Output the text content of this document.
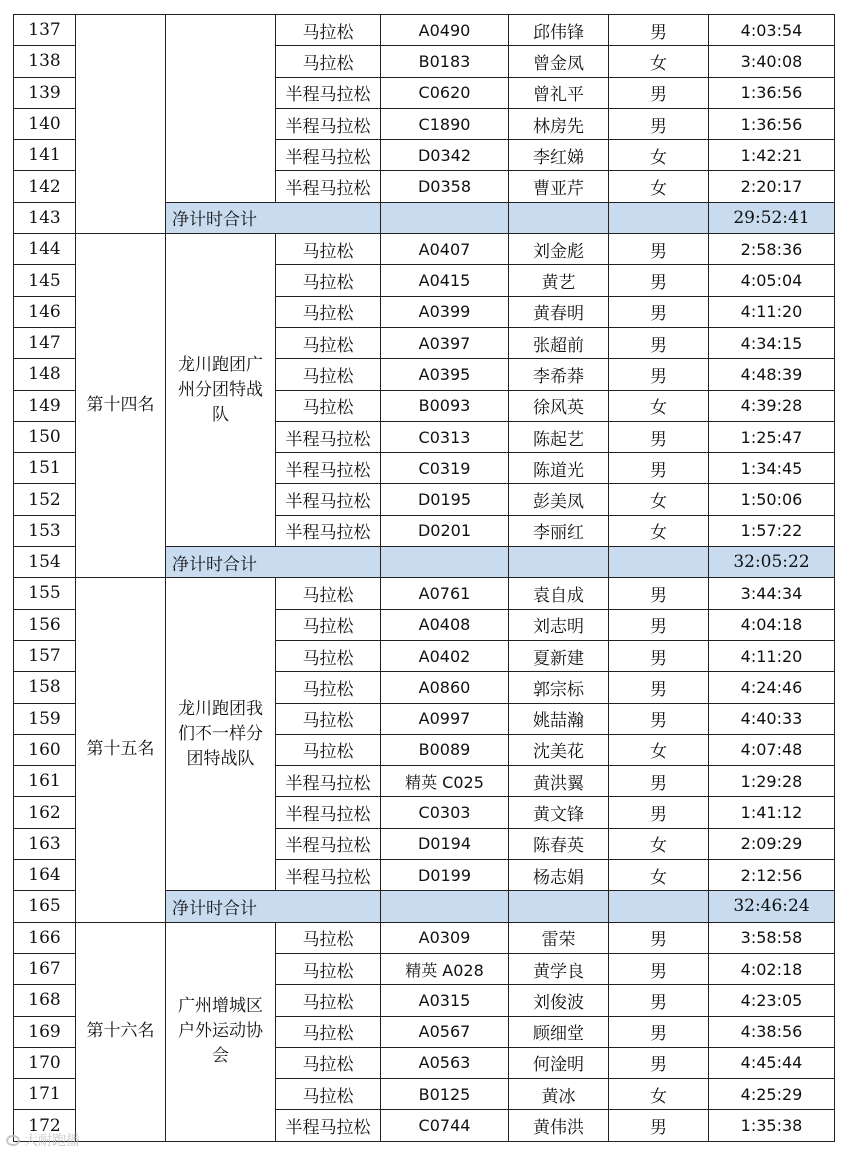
137			马拉松	A0490	邱伟锋	男	4:03:54
138			马拉松	B0183	曾金凤	女	3:40:08
139			半程马拉松	C0620	曾礼平	男	1:36:56
140			半程马拉松	C1890	林房先	男	1:36:56
141			半程马拉松	D0342	李红娣	女	1:42:21
142			半程马拉松	D0358	曹亚芹	女	2:20:17
143		净计时合计					29:52:41
144	第十四名	龙川跑团广州分团特战队	马拉松	A0407	刘金彪	男	2:58:36
145			马拉松	A0415	黄艺	男	4:05:04
146			马拉松	A0399	黄春明	男	4:11:20
147			马拉松	A0397	张超前	男	4:34:15
148			马拉松	A0395	李希莽	男	4:48:39
149			马拉松	B0093	徐风英	女	4:39:28
150			半程马拉松	C0313	陈起艺	男	1:25:47
151			半程马拉松	C0319	陈道光	男	1:34:45
152			半程马拉松	D0195	彭美凤	女	1:50:06
153			半程马拉松	D0201	李丽红	女	1:57:22
154		净计时合计					32:05:22
155	第十五名	龙川跑团我们不一样分团特战队	马拉松	A0761	袁自成	男	3:44:34
156			马拉松	A0408	刘志明	男	4:04:18
157			马拉松	A0402	夏新建	男	4:11:20
158			马拉松	A0860	郭宗标	男	4:24:46
159			马拉松	A0997	姚喆瀚	男	4:40:33
160			马拉松	B0089	沈美花	女	4:07:48
161			半程马拉松	精英 C025	黄洪翼	男	1:29:28
162			半程马拉松	C0303	黄文锋	男	1:41:12
163			半程马拉松	D0194	陈春英	女	2:09:29
164			半程马拉松	D0199	杨志娟	女	2:12:56
165		净计时合计					32:46:24
166	第十六名	广州增城区户外运动协会	马拉松	A0309	雷荣	男	3:58:58
167			马拉松	精英 A028	黄学良	男	4:02:18
168			马拉松	A0315	刘俊波	男	4:23:05
169			马拉松	A0567	顾细堂	男	4:38:56
170			马拉松	A0563	何淦明	男	4:45:44
171			马拉松	B0125	黄冰	女	4:25:29
172			半程马拉松	C0744	黄伟洪	男	1:35:38
大耐跑播
